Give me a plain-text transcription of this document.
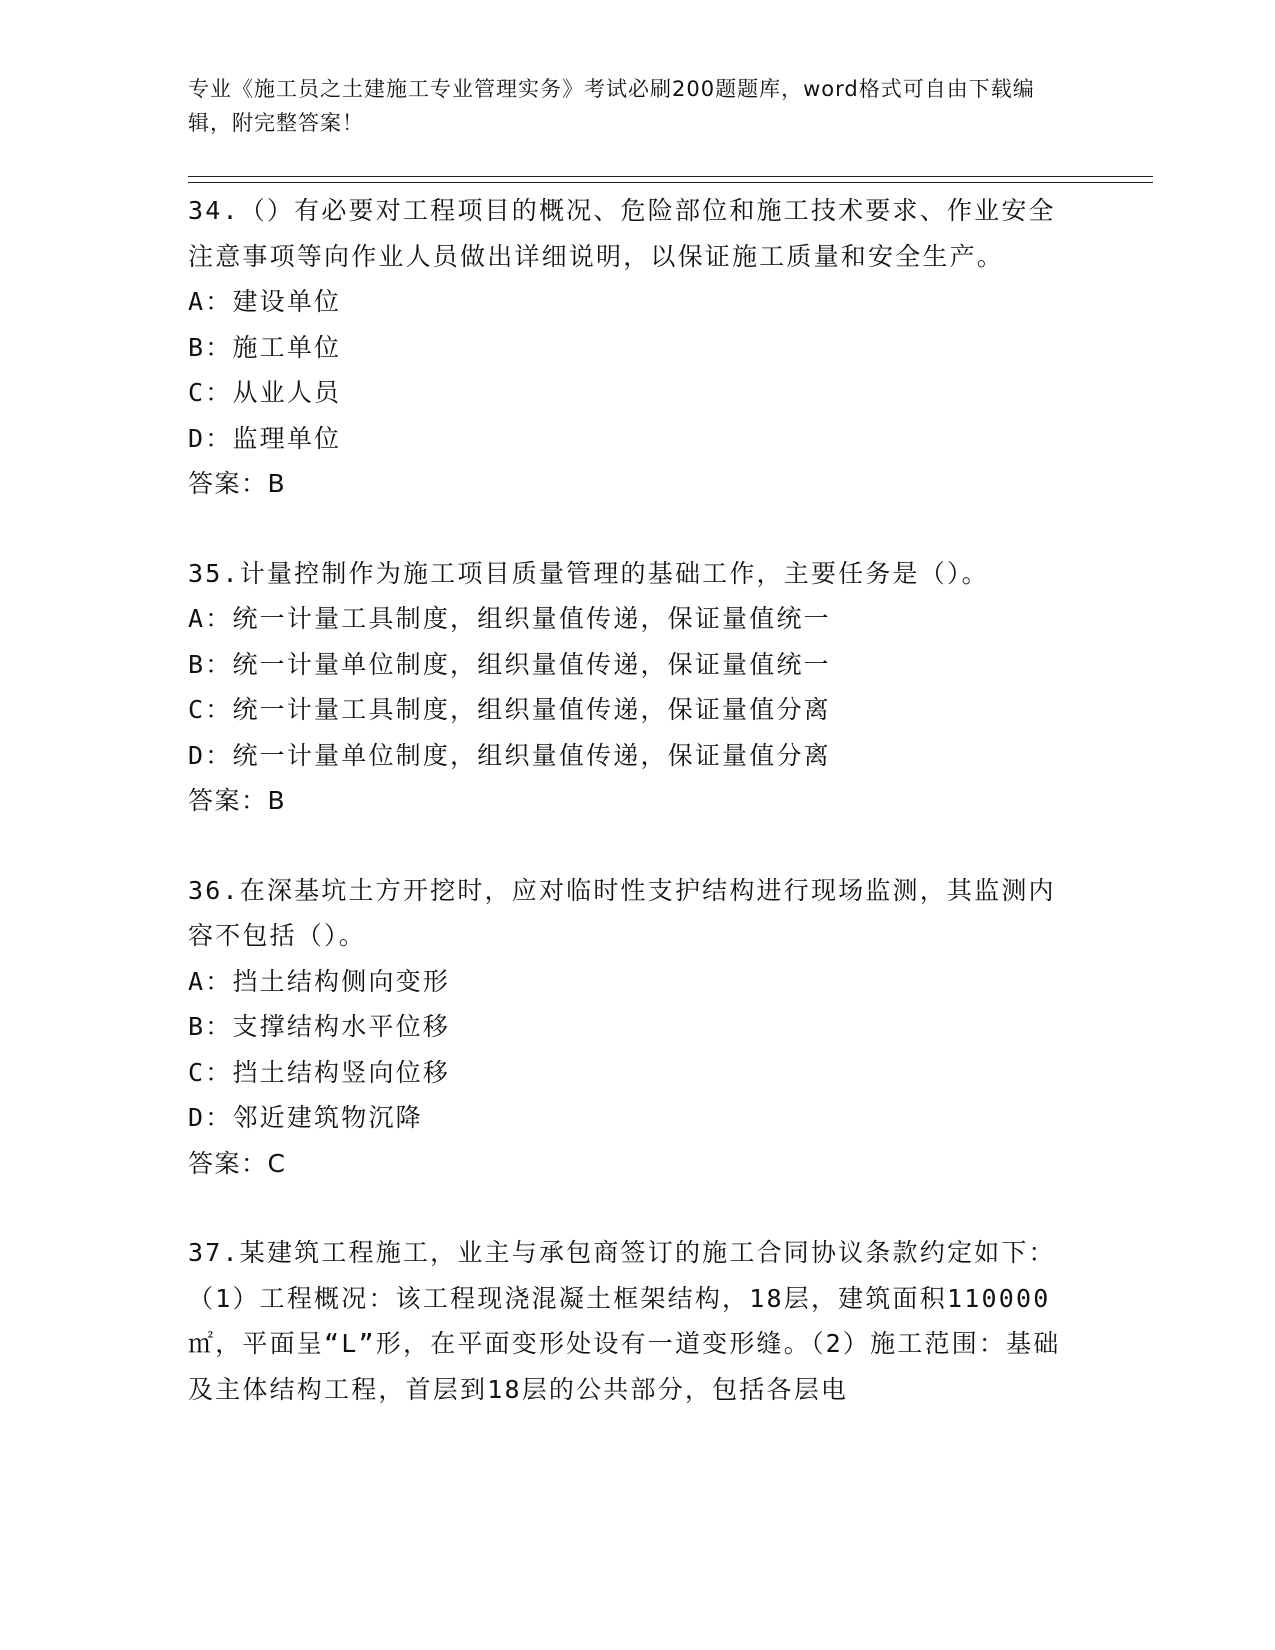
专业《施工员之土建施工专业管理实务》考试必刷200题题库，word格式可自由下载编辑，附完整答案！
34.（）有必要对工程项目的概况、危险部位和施工技术要求、作业安全注意事项等向作业人员做出详细说明，以保证施工质量和安全生产。
A：建设单位
B：施工单位
C：从业人员
D：监理单位
答案：B
35.计量控制作为施工项目质量管理的基础工作，主要任务是（）。
A：统一计量工具制度，组织量值传递，保证量值统一
B：统一计量单位制度，组织量值传递，保证量值统一
C：统一计量工具制度，组织量值传递，保证量值分离
D：统一计量单位制度，组织量值传递，保证量值分离
答案：B
36.在深基坑土方开挖时，应对临时性支护结构进行现场监测，其监测内容不包括（）。
A：挡土结构侧向变形
B：支撑结构水平位移
C：挡土结构竖向位移
D：邻近建筑物沉降
答案：C
37.某建筑工程施工，业主与承包商签订的施工合同协议条款约定如下：（1）工程概况：该工程现浇混凝土框架结构，18层，建筑面积110000㎡，平面呈“L”形，在平面变形处设有一道变形缝。（2）施工范围：基础及主体结构工程，首层到18层的公共部分，包括各层电
